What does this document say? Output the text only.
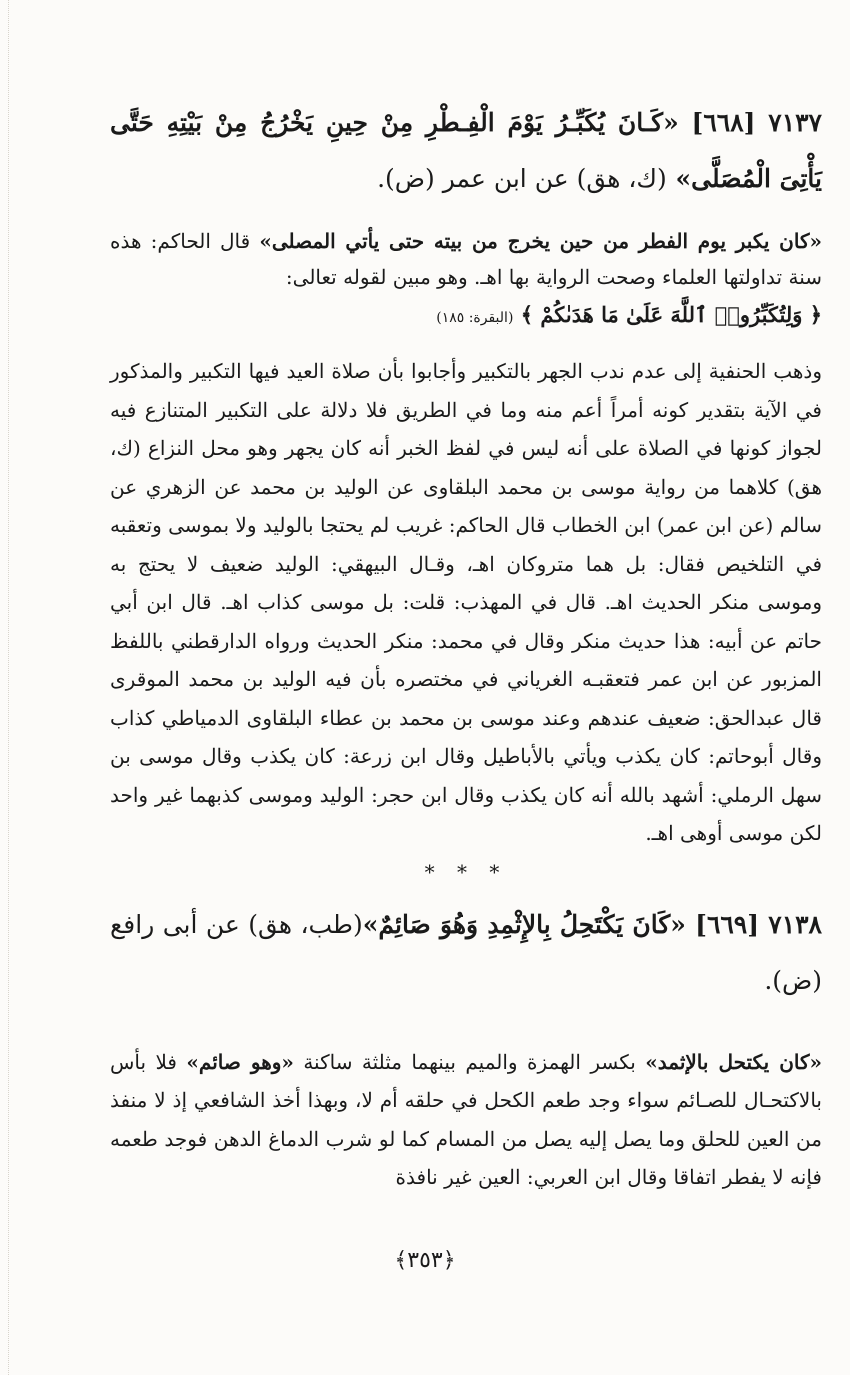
٧١٣٧ [٦٦٨] «كَـانَ يُكَبِّـرُ يَوْمَ الْفِـطْرِ مِنْ حِينِ يَخْرُجُ مِنْ بَيْتِهِ حَتَّى يَأْتِىَ الْمُصَلَّى» (ك، هق) عن ابن عمر (ض).

«كان يكبر يوم الفطر من حين يخرج من بيته حتى يأتي المصلى» قال الحاكم: هذه سنة تداولتها العلماء وصحت الرواية بها اهـ. وهو مبين لقوله تعالى:

﴿ وَلِتُكَبِّرُوا۟ ٱللَّهَ عَلَىٰ مَا هَدَىٰكُمْ ﴾ (البقرة: ١٨٥)

وذهب الحنفية إلى عدم ندب الجهر بالتكبير وأجابوا بأن صلاة العيد فيها التكبير والمذكور في الآية بتقدير كونه أمراً أعم منه وما في الطريق فلا دلالة على التكبير المتنازع فيه لجواز كونها في الصلاة على أنه ليس في لفظ الخبر أنه كان يجهر وهو محل النزاع (ك، هق) كلاهما من رواية موسى بن محمد البلقاوى عن الوليد بن محمد عن الزهري عن سالم (عن ابن عمر) ابن الخطاب قال الحاكم: غريب لم يحتجا بالوليد ولا بموسى وتعقبه في التلخيص فقال: بل هما متروكان اهـ، وقـال البيهقي: الوليد ضعيف لا يحتج به وموسى منكر الحديث اهـ. قال في المهذب: قلت: بل موسى كذاب اهـ. قال ابن أبي حاتم عن أبيه: هذا حديث منكر وقال في محمد: منكر الحديث ورواه الدارقطني باللفظ المزبور عن ابن عمر فتعقبـه الغرياني في مختصره بأن فيه الوليد بن محمد الموقرى قال عبدالحق: ضعيف عندهم وعند موسى بن محمد بن عطاء البلقاوى الدمياطي كذاب وقال أبوحاتم: كان يكذب ويأتي بالأباطيل وقال ابن زرعة: كان يكذب وقال موسى بن سهل الرملي: أشهد بالله أنه كان يكذب وقال ابن حجر: الوليد وموسى كذبهما غير واحد لكن موسى أوهى اهـ.

* * *

٧١٣٨ [٦٦٩] «كَانَ يَكْتَحِلُ بِالإِثْمِدِ وَهُوَ صَائِمٌ»(طب، هق) عن أبى رافع (ض).

«كان يكتحل بالإثمد» بكسر الهمزة والميم بينهما مثلثة ساكنة «وهو صائم» فلا بأس بالاكتحـال للصـائم سواء وجد طعم الكحل في حلقه أم لا، وبهذا أخذ الشافعي إذ لا منفذ من العين للحلق وما يصل إليه يصل من المسام كما لو شرب الدماغ الدهن فوجد طعمه فإنه لا يفطر اتفاقا وقال ابن العربي: العين غير نافذة

﴿٣٥٣﴾
